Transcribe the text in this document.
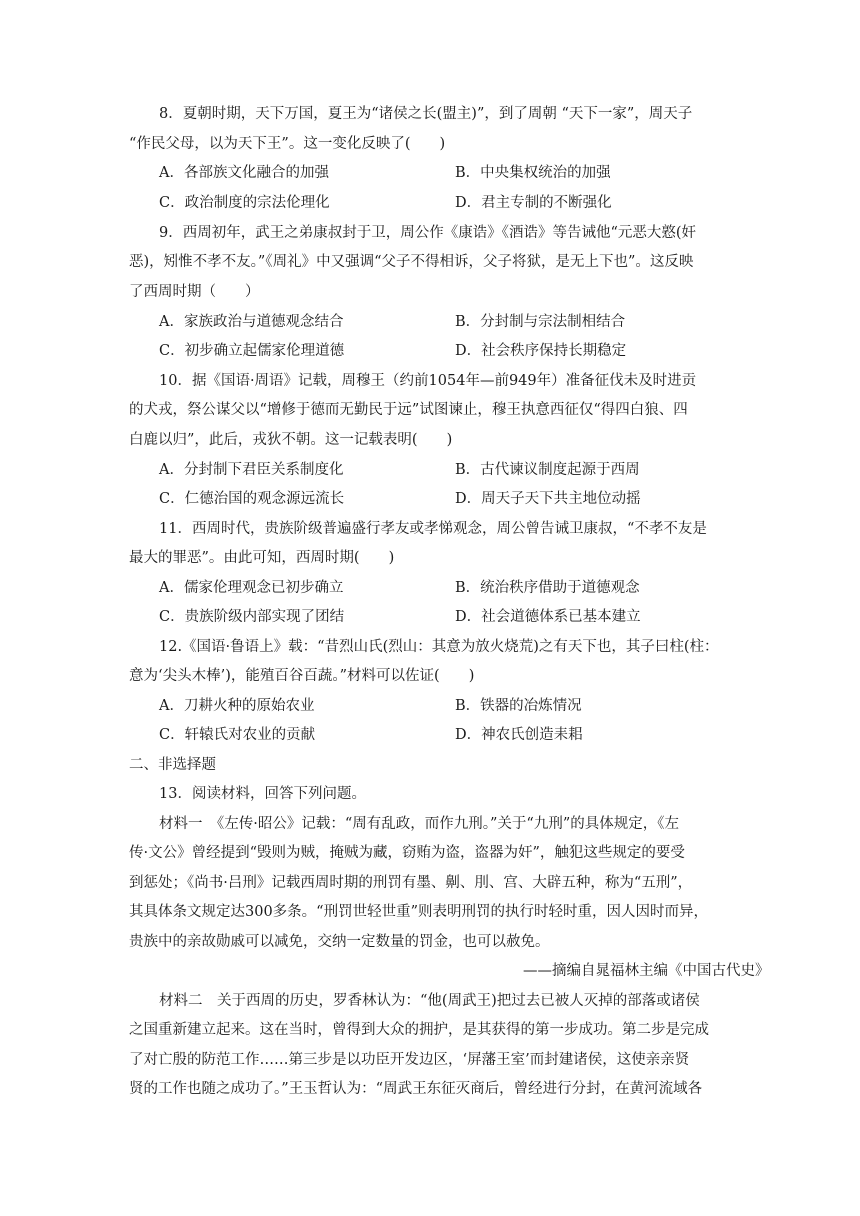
8．夏朝时期，天下万国，夏王为“诸侯之长(盟主)”，到了周朝 “天下一家”，周天子
“作民父母，以为天下王”。这一变化反映了(　　)
A．各部族文化融合的加强	B．中央集权统治的加强
C．政治制度的宗法伦理化	D．君主专制的不断强化
9．西周初年，武王之弟康叔封于卫，周公作《康诰》《酒诰》等告诫他“元恶大憝(奸
恶)，矧惟不孝不友。”《周礼》中又强调“父子不得相诉，父子将狱，是无上下也”。这反映
了西周时期（　　）
A．家族政治与道德观念结合	B．分封制与宗法制相结合
C．初步确立起儒家伦理道德	D．社会秩序保持长期稳定
10．据《国语·周语》记载，周穆王（约前1054年—前949年）准备征伐未及时进贡
的犬戎，祭公谋父以“增修于德而无勤民于远”试图谏止，穆王执意西征仅“得四白狼、四
白鹿以归”，此后，戎狄不朝。这一记载表明(　　)
A．分封制下君臣关系制度化	B．古代谏议制度起源于西周
C．仁德治国的观念源远流长	D．周天子天下共主地位动摇
11．西周时代，贵族阶级普遍盛行孝友或孝悌观念，周公曾告诫卫康叔，“不孝不友是
最大的罪恶”。由此可知，西周时期(　　)
A．儒家伦理观念已初步确立	B．统治秩序借助于道德观念
C．贵族阶级内部实现了团结	D．社会道德体系已基本建立
12.《国语·鲁语上》载：“昔烈山氏(烈山：其意为放火烧荒)之有天下也，其子曰柱(柱：
意为‘尖头木棒’)，能殖百谷百蔬。”材料可以佐证(　　)
A．刀耕火种的原始农业	B．铁器的冶炼情况
C．轩辕氏对农业的贡献	D．神农氏创造耒耜
二、非选择题
13．阅读材料，回答下列问题。
材料一　《左传·昭公》记载：“周有乱政，而作九刑。”关于“九刑”的具体规定，《左
传·文公》曾经提到“毁则为贼，掩贼为藏，窃贿为盗，盗器为奸”，触犯这些规定的要受
到惩处；《尚书·吕刑》记载西周时期的刑罚有墨、劓、刖、宫、大辟五种，称为“五刑”，
其具体条文规定达300多条。“刑罚世轻世重”则表明刑罚的执行时轻时重，因人因时而异，
贵族中的亲故勋戚可以减免，交纳一定数量的罚金，也可以赦免。
——摘编自晁福林主编《中国古代史》
材料二　关于西周的历史，罗香林认为：“他(周武王)把过去已被人灭掉的部落或诸侯
之国重新建立起来。这在当时，曾得到大众的拥护，是其获得的第一步成功。第二步是完成
了对亡殷的防范工作……第三步是以功臣开发边区，‘屏藩王室’而封建诸侯，这使亲亲贤
贤的工作也随之成功了。”王玉哲认为：“周武王东征灭商后，曾经进行分封，在黄河流域各
